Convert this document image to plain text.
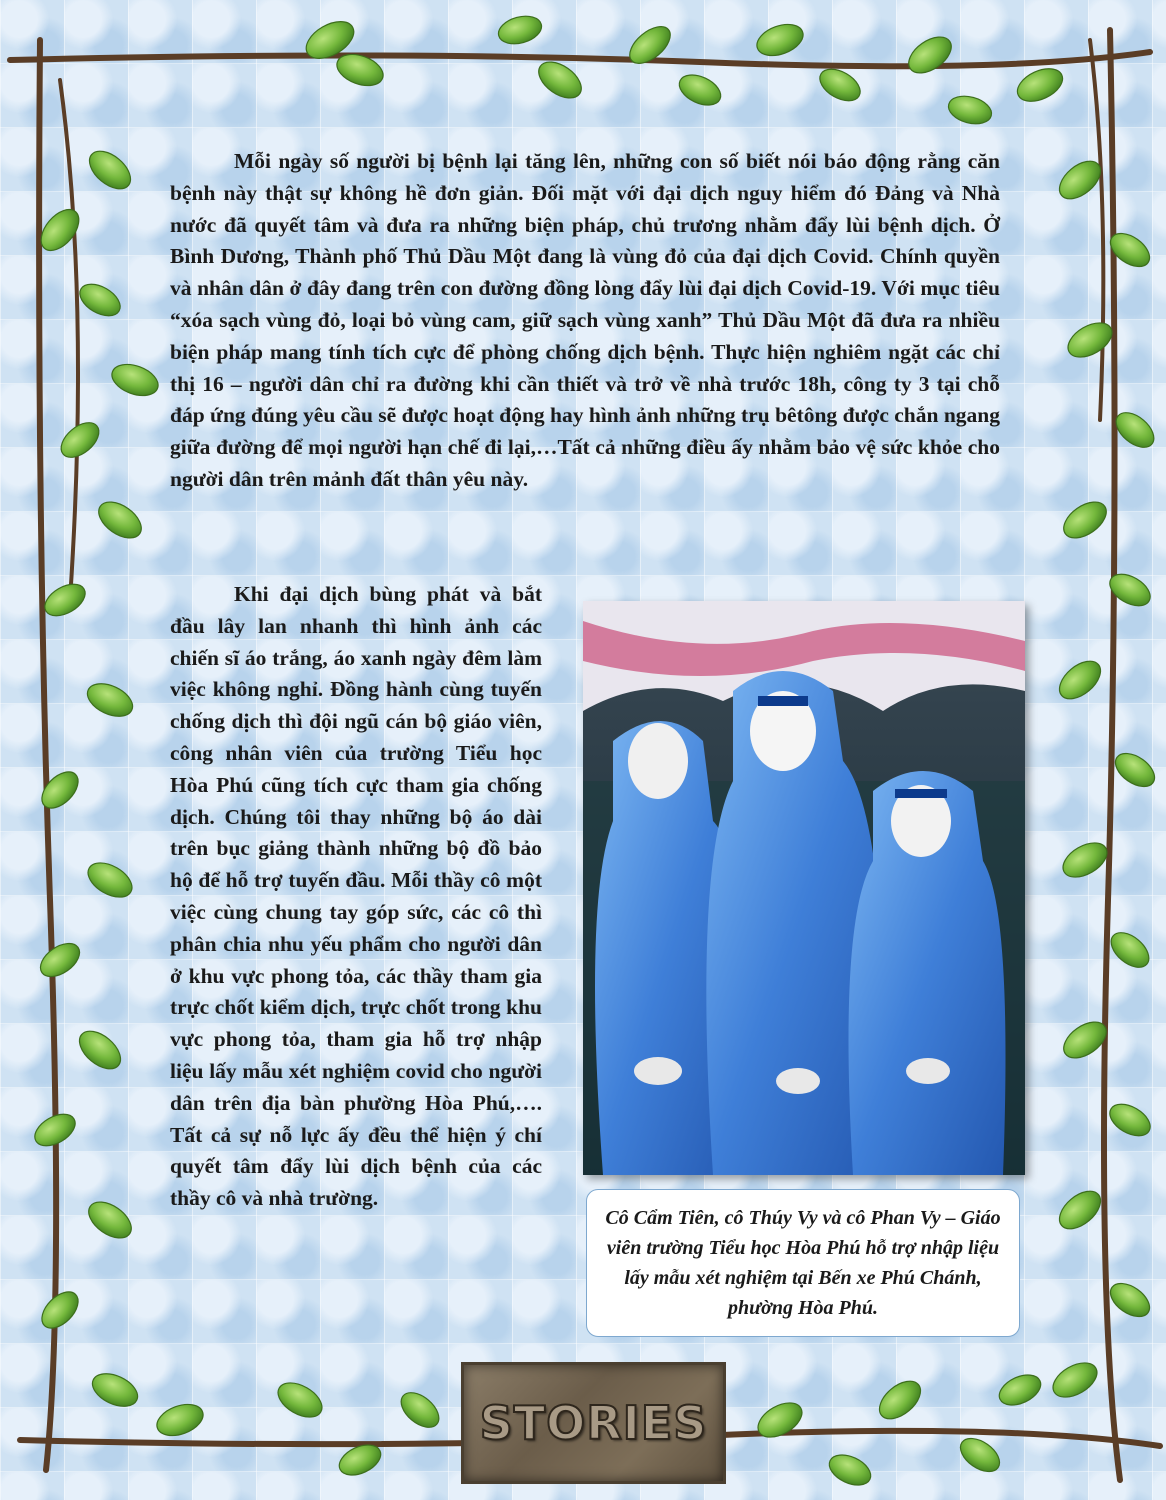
Mỗi ngày số người bị bệnh lại tăng lên, những con số biết nói báo động rằng căn bệnh này thật sự không hề đơn giản. Đối mặt với đại dịch nguy hiểm đó Đảng và Nhà nước đã quyết tâm và đưa ra những biện pháp, chủ trương nhằm đẩy lùi bệnh dịch. Ở Bình Dương, Thành phố Thủ Dầu Một đang là vùng đỏ của đại dịch Covid. Chính quyền và nhân dân ở đây đang trên con đường đồng lòng đẩy lùi đại dịch Covid-19. Với mục tiêu “xóa sạch vùng đỏ, loại bỏ vùng cam, giữ sạch vùng xanh” Thủ Dầu Một đã đưa ra nhiều biện pháp mang tính tích cực để phòng chống dịch bệnh. Thực hiện nghiêm ngặt các chỉ thị 16 – người dân chỉ ra đường khi cần thiết và trở về nhà trước 18h, công ty 3 tại chỗ đáp ứng đúng yêu cầu sẽ được hoạt động hay hình ảnh những trụ bêtông được chắn ngang giữa đường để mọi người hạn chế đi lại,…Tất cả những điều ấy nhằm bảo vệ sức khỏe cho người dân trên mảnh đất thân yêu này.

Khi đại dịch bùng phát và bắt đầu lây lan nhanh thì hình ảnh các chiến sĩ áo trắng, áo xanh ngày đêm làm việc không nghỉ. Đồng hành cùng tuyến chống dịch thì đội ngũ cán bộ giáo viên, công nhân viên của trường Tiểu học Hòa Phú cũng tích cực tham gia chống dịch. Chúng tôi thay những bộ áo dài trên bục giảng thành những bộ đồ bảo hộ để hỗ trợ tuyến đầu. Mỗi thầy cô một việc cùng chung tay góp sức, các cô thì phân chia nhu yếu phẩm cho người dân ở khu vực phong tỏa, các thầy tham gia trực chốt kiểm dịch, trực chốt trong khu vực phong tỏa, tham gia hỗ trợ nhập liệu lấy mẫu xét nghiệm covid cho người dân trên địa bàn phường Hòa Phú,…. Tất cả sự nỗ lực ấy đều thể hiện ý chí quyết tâm đẩy lùi dịch bệnh của các thầy cô và nhà trường.

Cô Cẩm Tiên, cô Thúy Vy và cô Phan Vy – Giáo viên trường Tiểu học Hòa Phú hỗ trợ nhập liệu lấy mẫu xét nghiệm tại Bến xe Phú Chánh, phường Hòa Phú.

STORIES
